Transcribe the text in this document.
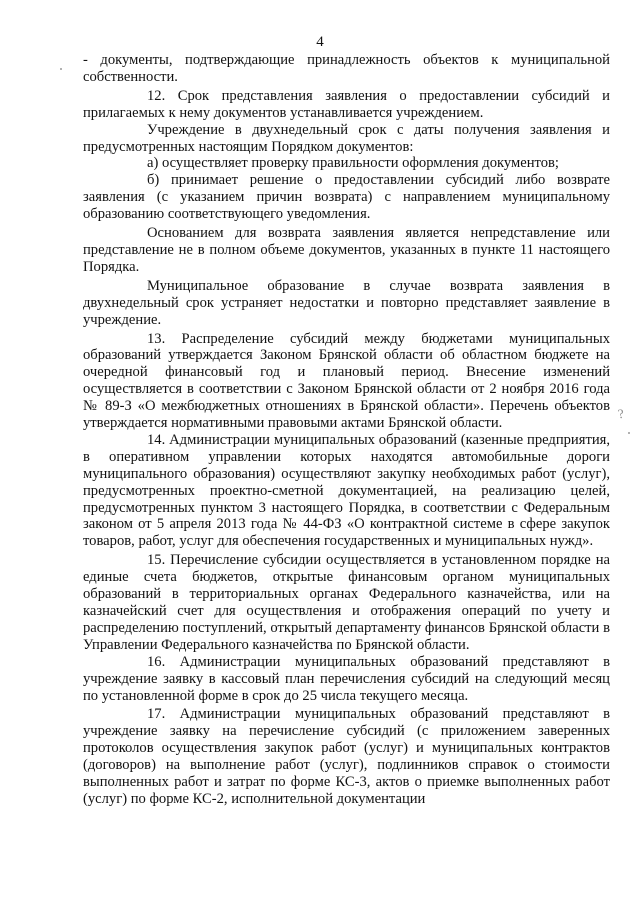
4

- документы, подтверждающие принадлежность объектов к муниципальной собственности.

12. Срок представления заявления о предоставлении субсидий и прилагаемых к нему документов устанавливается учреждением.

Учреждение в двухнедельный срок с даты получения заявления и предусмотренных настоящим Порядком документов:

а) осуществляет проверку правильности оформления документов;

б) принимает решение о предоставлении субсидий либо возврате заявления (с указанием причин возврата) с направлением муниципальному образованию соответствующего уведомления.

Основанием для возврата заявления является непредставление или представление не в полном объеме документов, указанных в пункте 11 настоящего Порядка.

Муниципальное образование в случае возврата заявления в двухнедельный срок устраняет недостатки и повторно представляет заявление в учреждение.

13. Распределение субсидий между бюджетами муниципальных образований утверждается Законом Брянской области об областном бюджете на очередной финансовый год и плановый период. Внесение изменений осуществляется в соответствии с Законом Брянской области от 2 ноября 2016 года № 89-З «О межбюджетных отношениях в Брянской области». Перечень объектов утверждается нормативными правовыми актами Брянской области.

14. Администрации муниципальных образований (казенные предприятия, в оперативном управлении которых находятся автомобильные дороги муниципального образования) осуществляют закупку необходимых работ (услуг), предусмотренных проектно-сметной документацией, на реализацию целей, предусмотренных пунктом 3 настоящего Порядка, в соответствии с Федеральным законом от 5 апреля 2013 года № 44-ФЗ «О контрактной системе в сфере закупок товаров, работ, услуг для обеспечения государственных и муниципальных нужд».

15. Перечисление субсидии осуществляется в установленном порядке на единые счета бюджетов, открытые финансовым органом муниципальных образований в территориальных органах Федерального казначейства, или на казначейский счет для осуществления и отображения операций по учету и распределению поступлений, открытый департаменту финансов Брянской области в Управлении Федерального казначейства по Брянской области.

16. Администрации муниципальных образований представляют в учреждение заявку в кассовый план перечисления субсидий на следующий месяц по установленной форме в срок до 25 числа текущего месяца.

17. Администрации муниципальных образований представляют в учреждение заявку на перечисление субсидий (с приложением заверенных протоколов осуществления закупок работ (услуг) и муниципальных контрактов (договоров) на выполнение работ (услуг), подлинников справок о стоимости выполненных работ и затрат по форме КС-3, актов о приемке выполненных работ (услуг) по форме КС-2, исполнительной документации

?
